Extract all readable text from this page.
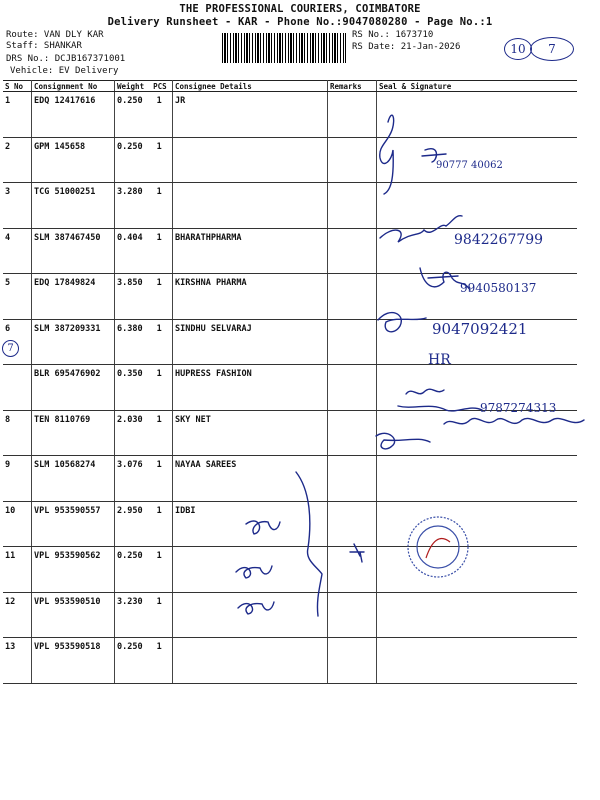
THE PROFESSIONAL COURIERS, COIMBATORE
Delivery Runsheet - KAR - Phone No.:9047080280 - Page No.:1
Route: VAN DLY KAR
Staff: SHANKAR
DRS No.: DCJB167371001
Vehicle: EV Delivery
RS No.: 1673710
RS Date: 21-Jan-2026	10	7
S No	Consignment No	Weight PCS	Consignee Details	Remarks	Seal & Signature
1	EDQ 12417616	0.250 1	JR		
2	GPM 145658	0.250 1			
3	TCG 51000251	3.280 1			
4	SLM 387467450	0.404 1	BHARATHPHARMA		
5	EDQ 17849824	3.850 1	KIRSHNA PHARMA		
6	SLM 387209331	6.380 1	SINDHU SELVARAJ		
	BLR 695476902	0.350 1	HUPRESS FASHION		
8	TEN 8110769	2.030 1	SKY NET		
9	SLM 10568274	3.076 1	NAYAA SAREES		
10	VPL 953590557	2.950 1	IDBI		
11	VPL 953590562	0.250 1			
12	VPL 953590510	3.230 1			
13	VPL 953590518	0.250 1			
7
90777 40062
9842267799
9940580137
9047092421
HR
9787274313
